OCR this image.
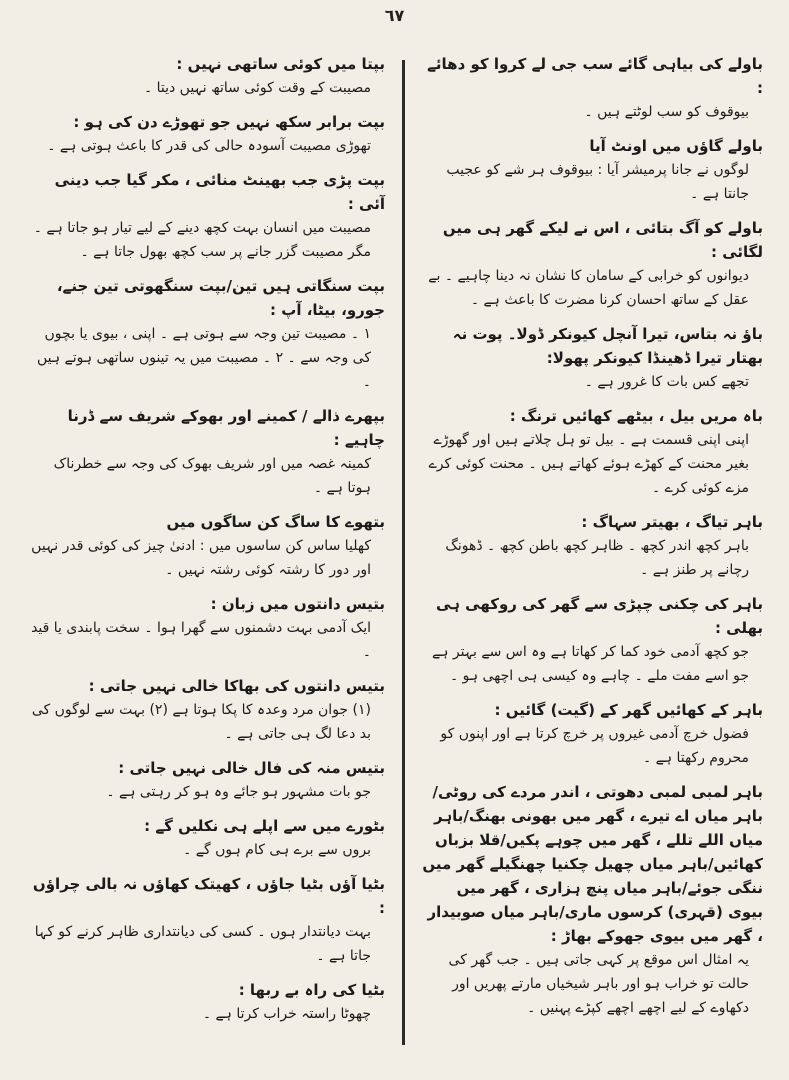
٦٧
باولے کی بیاہی گائے سب جی لے کروا کو دھائے :
بیوقوف کو سب لوٹتے ہیں ۔
باولے گاؤں میں اونٹ آیا
لوگوں نے جانا پرمیشر آیا : بیوقوف ہر شے کو عجیب جانتا ہے ۔
باولے کو آگ بتائی ، اس نے لیکے گھر ہی میں لگائی :
دیوانوں کو خرابی کے سامان کا نشان نہ دینا چاہیے ۔ بے عقل کے ساتھ احسان کرنا مضرت کا باعث ہے ۔
باؤ نہ بتاس، تیرا آنچل کیونکر ڈولا۔ پوت نہ بھتار تیرا ڈھینڈا کیونکر پھولا:
تجھے کس بات کا غرور ہے ۔
باہ مریں بیل ، بیٹھے کھائیں ترنگ :
اپنی اپنی قسمت ہے ۔ بیل تو ہل چلاتے ہیں اور گھوڑے بغیر محنت کے کھڑے ہوئے کھاتے ہیں ۔ محنت کوئی کرے مزے کوئی کرے ۔
باہر تیاگ ، بھیتر سہاگ :
باہر کچھ اندر کچھ ۔ ظاہر کچھ باطن کچھ ۔ ڈھونگ رچانے پر طنز ہے ۔
باہر کی چکنی چپڑی سے گھر کی روکھی ہی بھلی :
جو کچھ آدمی خود کما کر کھاتا ہے وہ اس سے بہتر ہے جو اسے مفت ملے ۔ چاہے وہ کیسی ہی اچھی ہو ۔
باہر کے کھائیں گھر کے (گیت) گائیں :
فضول خرچ آدمی غیروں پر خرچ کرتا ہے اور اپنوں کو محروم رکھتا ہے ۔
باہر لمبی لمبی دھوتی ، اندر مردے کی روٹی/باہر میاں اے تیرے ، گھر میں بھونی بھنگ/باہر میاں اللے تللے ، گھر میں چوہے پکیں/قلا بزباں کھائیں/باہر میاں چھیل چکنیا چھنگیلے گھر میں ننگی جوئے/باہر میاں پنچ ہزاری ، گھر میں بیوی (قہری) کرسوں ماری/باہر میاں صوبیدار ، گھر میں بیوی جھوکے بھاڑ :
یہ امثال اس موقع پر کہی جاتی ہیں ۔ جب گھر کی حالت تو خراب ہو اور باہر شیخیاں مارتے پھریں اور دکھاوے کے لیے اچھے اچھے کپڑے پہنیں ۔
بپتا میں کوئی ساتھی نہیں :
مصیبت کے وقت کوئی ساتھ نہیں دیتا ۔
بپت برابر سکھ نہیں جو تھوڑے دن کی ہو :
تھوڑی مصیبت آسودہ حالی کی قدر کا باعث ہوتی ہے ۔
بپت پڑی جب بھینٹ منائی ، مکر گیا جب دینی آئی :
مصیبت میں انسان بہت کچھ دینے کے لیے تیار ہو جاتا ہے ۔ مگر مصیبت گزر جانے پر سب کچھ بھول جاتا ہے ۔
بپت سنگاتی ہیں تین/بپت سنگھوتی تین جنے، جورو، بیٹا، آپ :
۱ ۔ مصیبت تین وجہ سے ہوتی ہے ۔ اپنی ، بیوی یا بچوں کی وجہ سے ۔ ۲ ۔ مصیبت میں یہ تینوں ساتھی ہوتے ہیں ۔
بپھرے ذالے / کمینے اور بھوکے شریف سے ڈرنا چاہیے :
کمینہ غصہ میں اور شریف بھوک کی وجہ سے خطرناک ہوتا ہے ۔
بتھوے کا ساگ کن ساگوں میں
کھلیا ساس کن ساسوں میں : ادنیٰ چیز کی کوئی قدر نہیں اور دور کا رشتہ کوئی رشتہ نہیں ۔
بتیس دانتوں میں زبان :
ایک آدمی بہت دشمنوں سے گھرا ہوا ۔ سخت پابندی یا قید ۔
بتیس دانتوں کی بھاکا خالی نہیں جاتی :
(۱) جوان مرد وعدہ کا پکا ہوتا ہے (۲) بہت سے لوگوں کی بد دعا لگ ہی جاتی ہے ۔
بتیس منہ کی فال خالی نہیں جاتی :
جو بات مشہور ہو جائے وہ ہو کر رہتی ہے ۔
بٹورے میں سے اپلے ہی نکلیں گے :
بروں سے برے ہی کام ہوں گے ۔
بٹیا آؤں بٹیا جاؤں ، کھیتک کھاؤں نہ بالی چراؤں :
بہت دیانتدار ہوں ۔ کسی کی دیانتداری ظاہر کرنے کو کہا جاتا ہے ۔
بٹیا کی راہ بے ربھا :
چھوٹا راستہ خراب کرتا ہے ۔
